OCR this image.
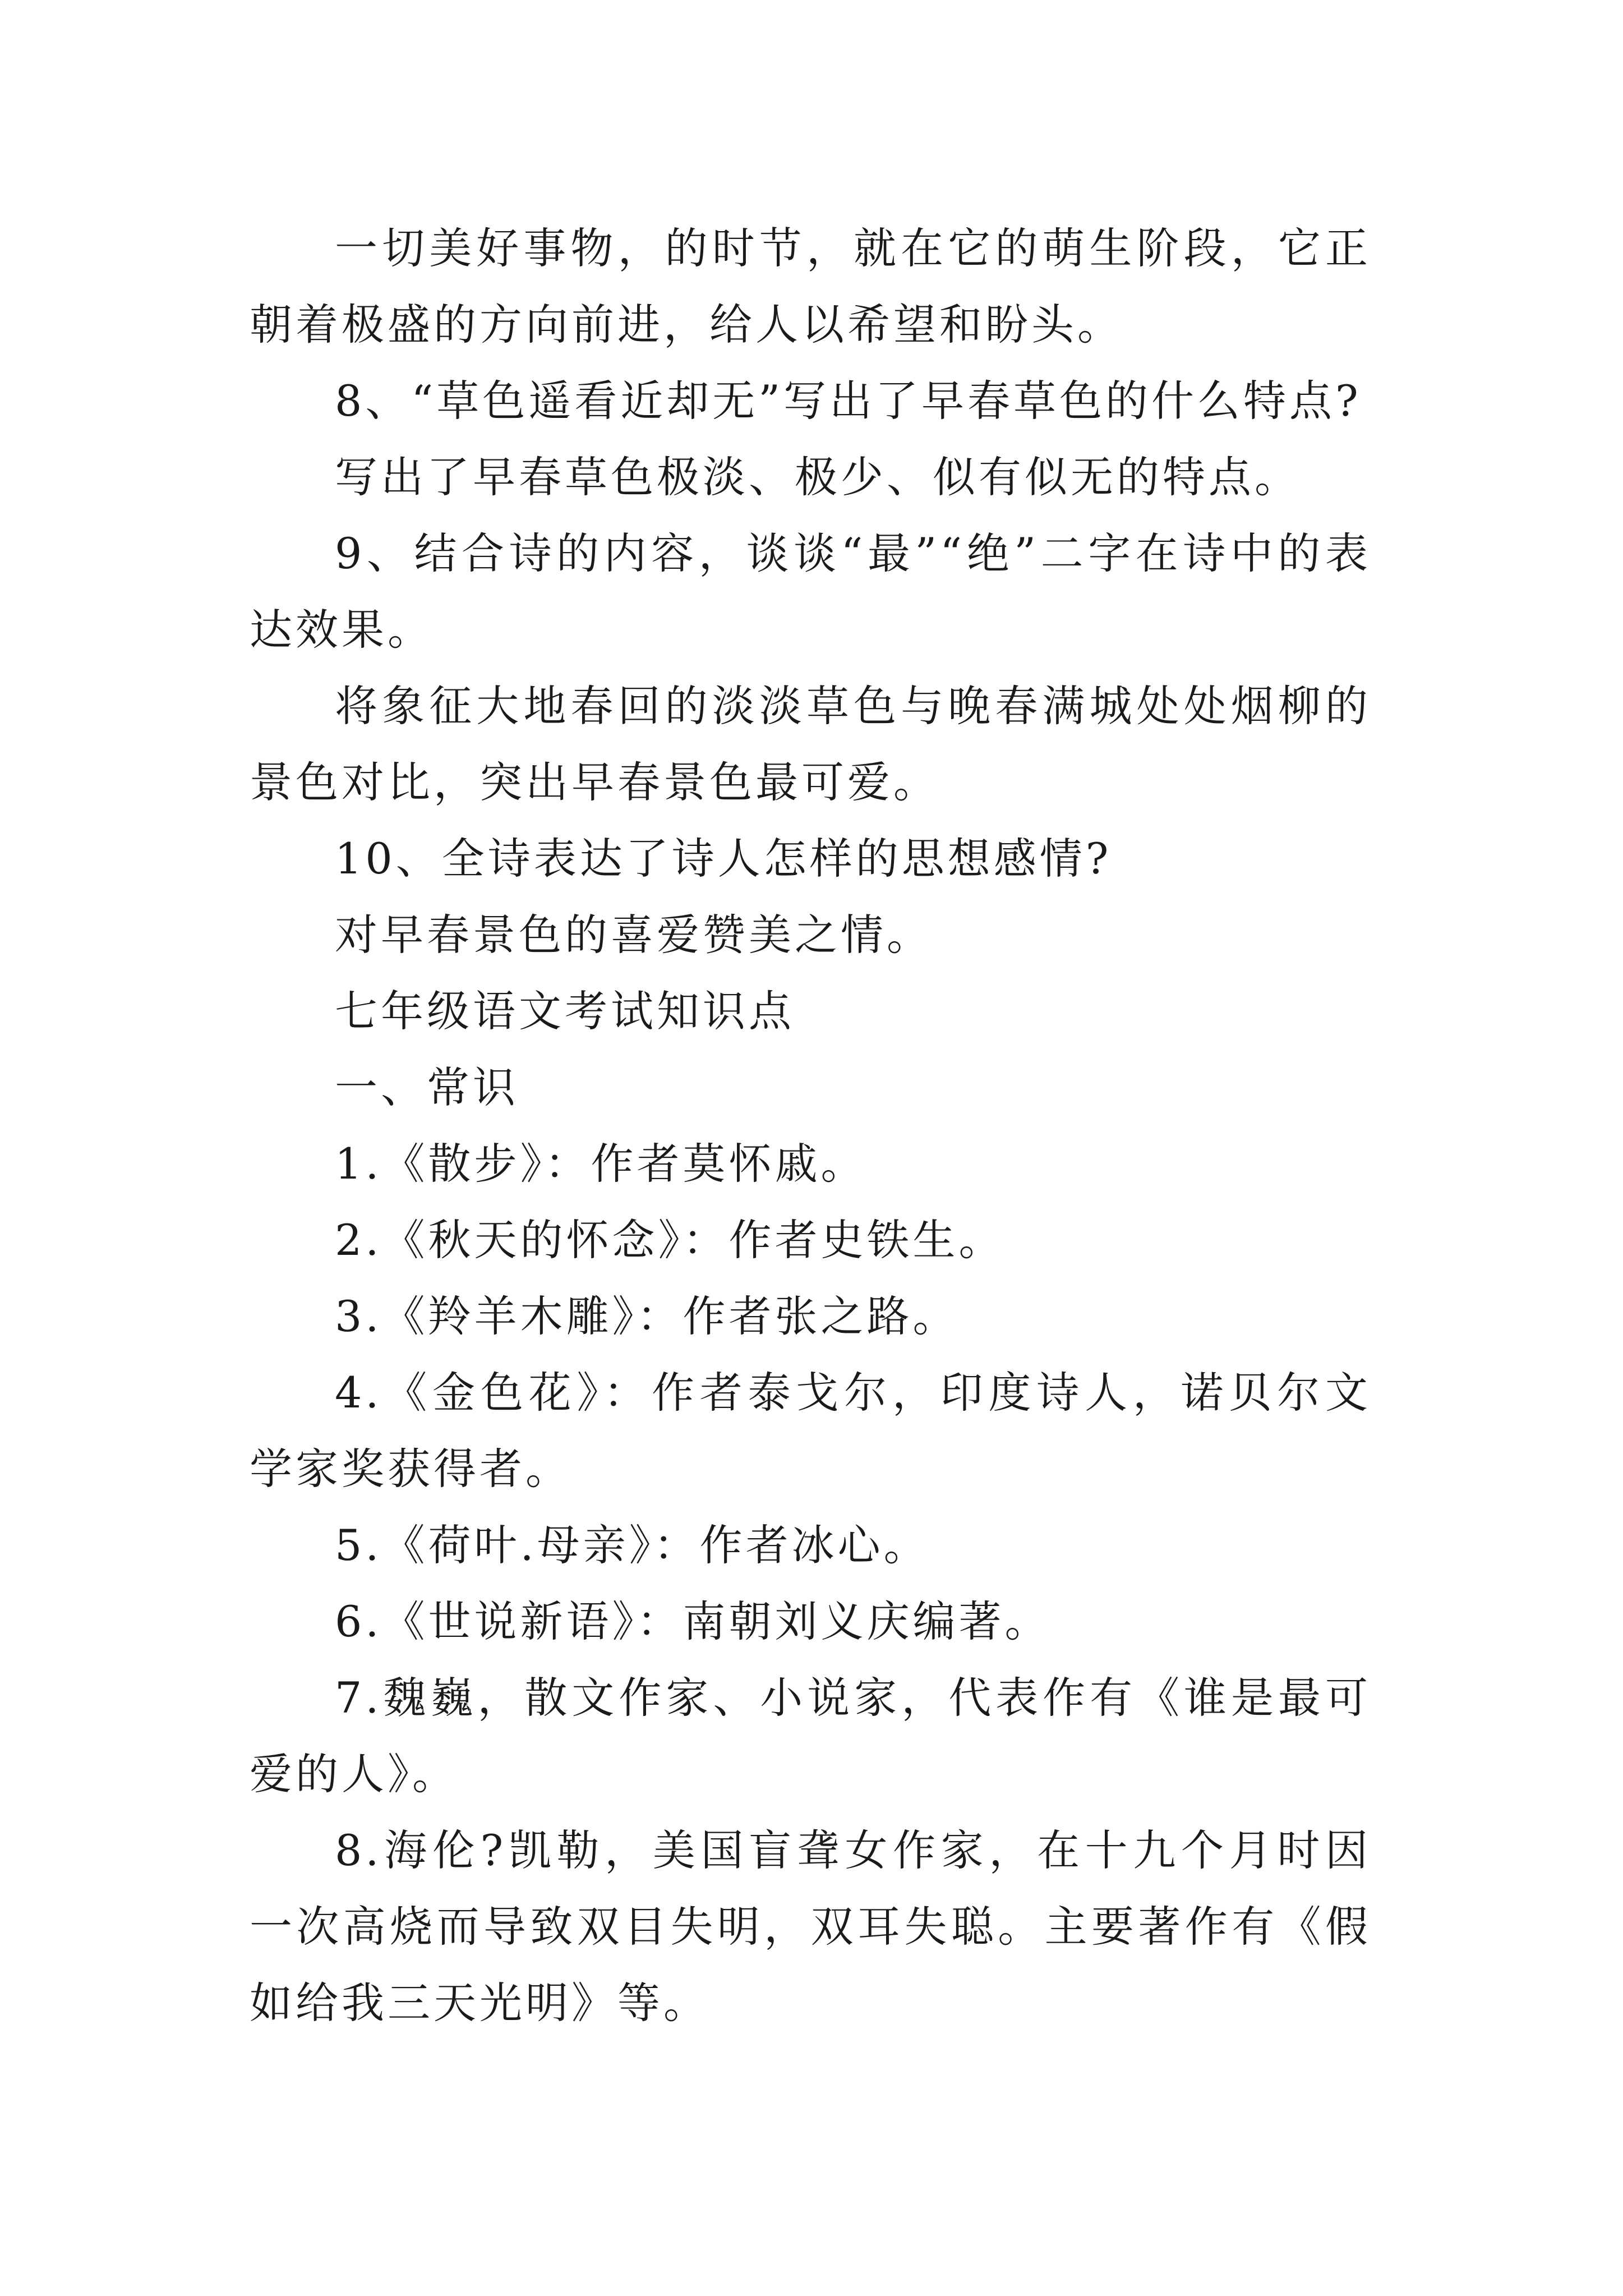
一切美好事物，的时节，就在它的萌生阶段，它正朝着极盛的方向前进，给人以希望和盼头。

8、“草色遥看近却无”写出了早春草色的什么特点?

写出了早春草色极淡、极少、似有似无的特点。

9、结合诗的内容，谈谈“最”“绝”二字在诗中的表达效果。

将象征大地春回的淡淡草色与晚春满城处处烟柳的景色对比，突出早春景色最可爱。

10、全诗表达了诗人怎样的思想感情?

对早春景色的喜爱赞美之情。

七年级语文考试知识点

一、常识

1.《散步》：作者莫怀戚。

2.《秋天的怀念》：作者史铁生。

3.《羚羊木雕》：作者张之路。

4.《金色花》：作者泰戈尔，印度诗人，诺贝尔文学家奖获得者。

5.《荷叶.母亲》：作者冰心。

6.《世说新语》：南朝刘义庆编著。

7.魏巍，散文作家、小说家，代表作有《谁是最可爱的人》。

8.海伦?凯勒，美国盲聋女作家，在十九个月时因一次高烧而导致双目失明，双耳失聪。主要著作有《假如给我三天光明》等。
